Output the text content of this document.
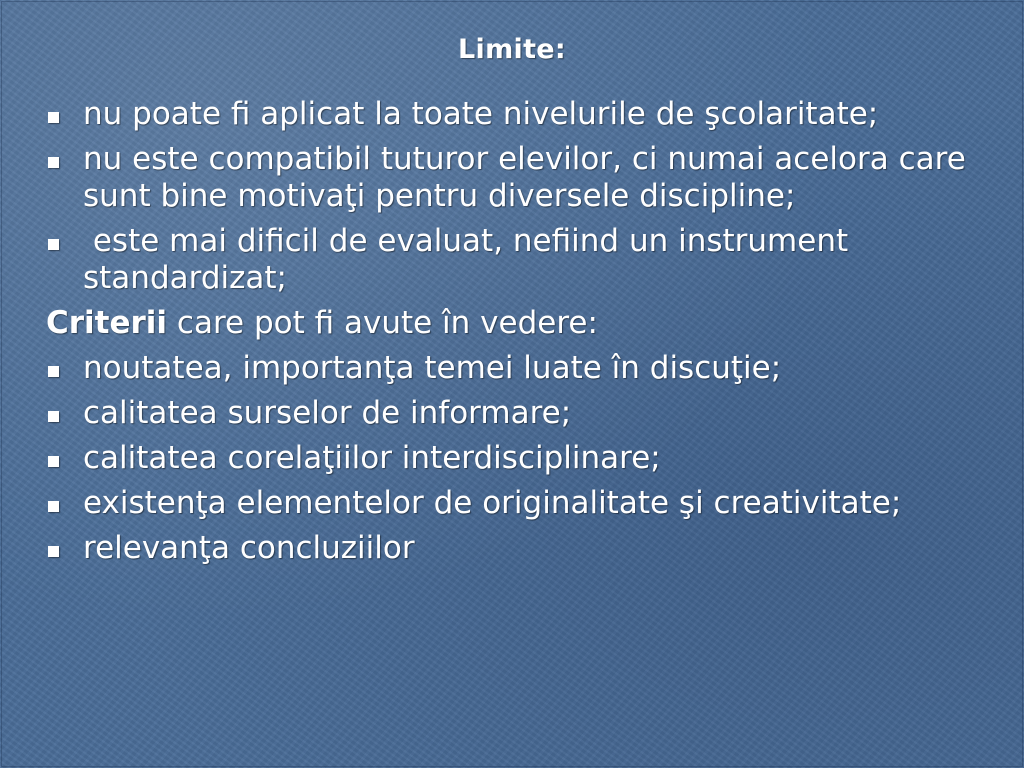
Limite:
nu poate fi aplicat la toate nivelurile de şcolaritate;
nu este compatibil tuturor elevilor, ci numai acelora care sunt bine motivaţi pentru diversele discipline;
este mai dificil de evaluat, nefiind un instrument standardizat;
Criterii care pot fi avute în vedere:
noutatea, importanţa temei luate în discuţie;
calitatea surselor de informare;
calitatea corelaţiilor interdisciplinare;
existenţa elementelor de originalitate şi creativitate;
relevanţa concluziilor
